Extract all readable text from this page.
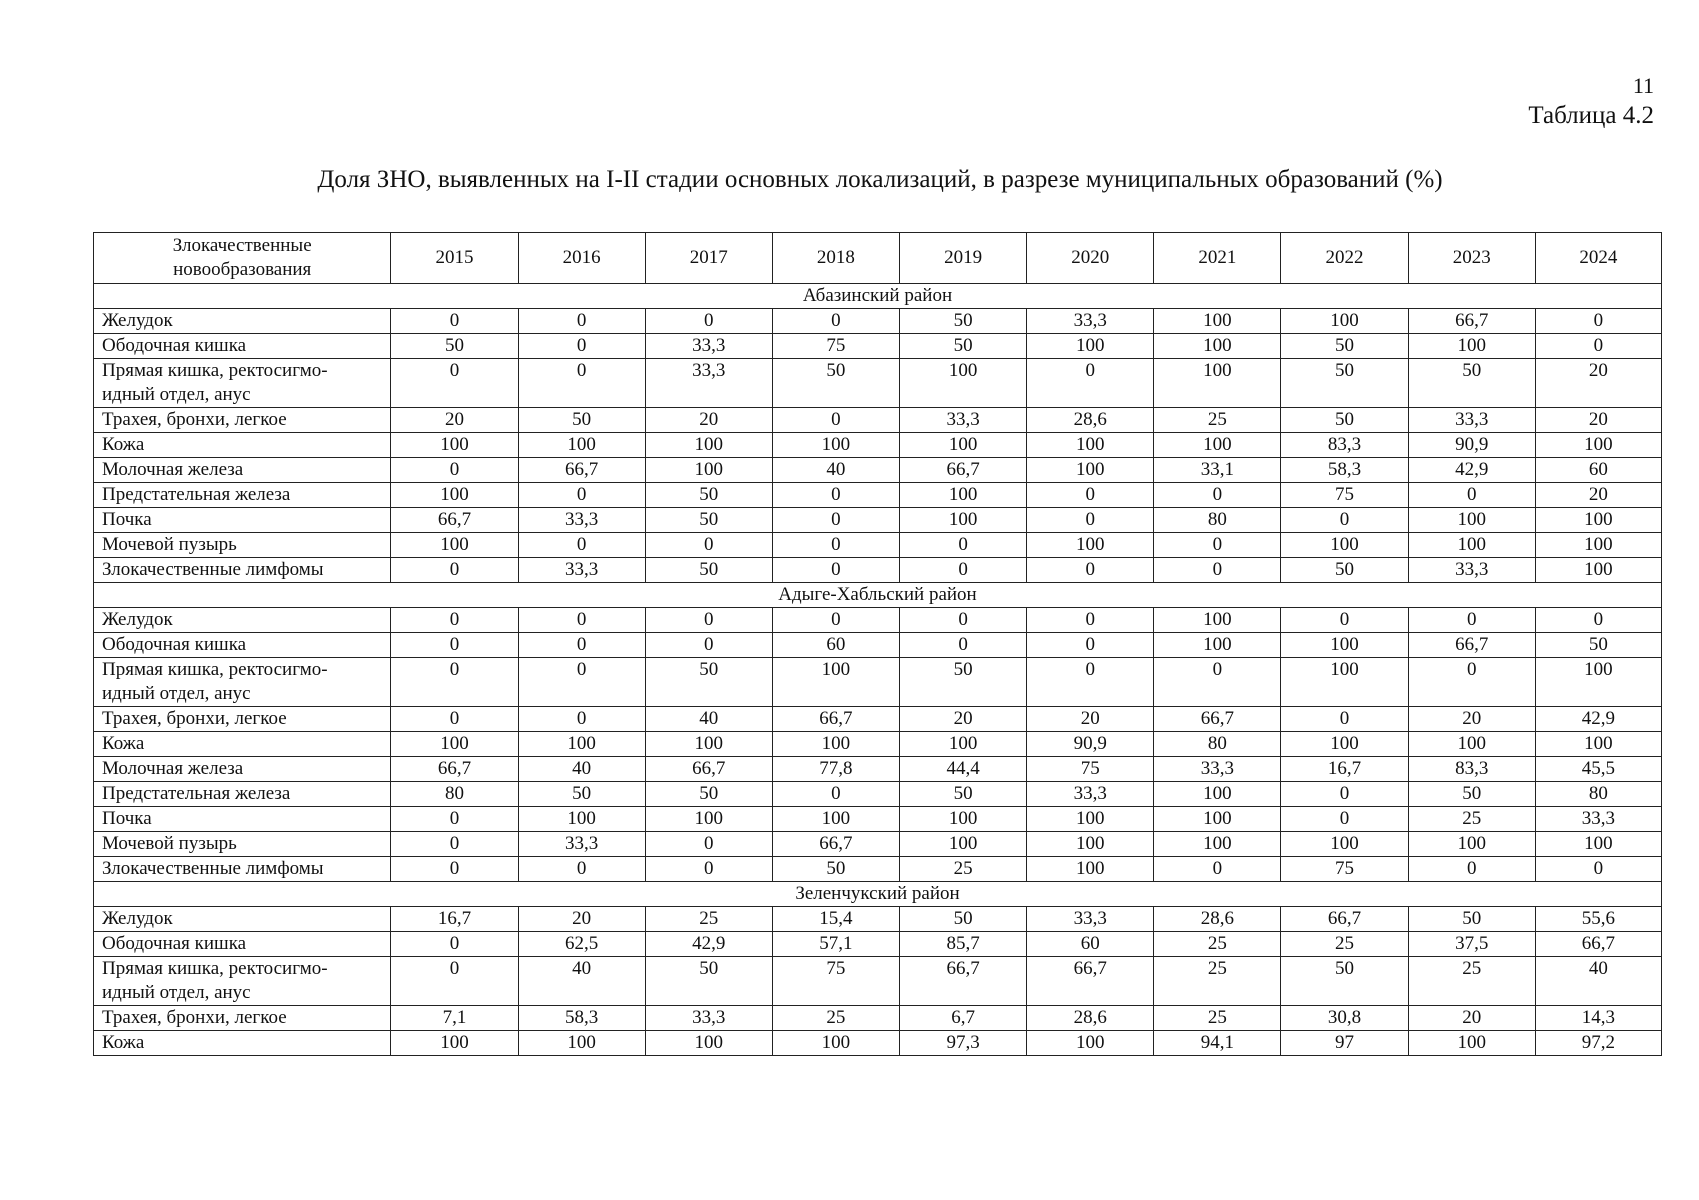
11
Таблица 4.2
Доля ЗНО, выявленных на I-II стадии основных локализаций, в разрезе муниципальных образований (%)
Злокачественные
новообразования	2015	2016	2017	2018	2019	2020	2021	2022	2023	2024
Абазинский район										
Желудок	0	0	0	0	50	33,3	100	100	66,7	0
Ободочная кишка	50	0	33,3	75	50	100	100	50	100	0
Прямая кишка, ректосигмо-
идный отдел, анус	0	0	33,3	50	100	0	100	50	50	20
Трахея, бронхи, легкое	20	50	20	0	33,3	28,6	25	50	33,3	20
Кожа	100	100	100	100	100	100	100	83,3	90,9	100
Молочная железа	0	66,7	100	40	66,7	100	33,1	58,3	42,9	60
Предстательная железа	100	0	50	0	100	0	0	75	0	20
Почка	66,7	33,3	50	0	100	0	80	0	100	100
Мочевой пузырь	100	0	0	0	0	100	0	100	100	100
Злокачественные лимфомы	0	33,3	50	0	0	0	0	50	33,3	100
Адыге-Хабльский район										
Желудок	0	0	0	0	0	0	100	0	0	0
Ободочная кишка	0	0	0	60	0	0	100	100	66,7	50
Прямая кишка, ректосигмо-
идный отдел, анус	0	0	50	100	50	0	0	100	0	100
Трахея, бронхи, легкое	0	0	40	66,7	20	20	66,7	0	20	42,9
Кожа	100	100	100	100	100	90,9	80	100	100	100
Молочная железа	66,7	40	66,7	77,8	44,4	75	33,3	16,7	83,3	45,5
Предстательная железа	80	50	50	0	50	33,3	100	0	50	80
Почка	0	100	100	100	100	100	100	0	25	33,3
Мочевой пузырь	0	33,3	0	66,7	100	100	100	100	100	100
Злокачественные лимфомы	0	0	0	50	25	100	0	75	0	0
Зеленчукский район										
Желудок	16,7	20	25	15,4	50	33,3	28,6	66,7	50	55,6
Ободочная кишка	0	62,5	42,9	57,1	85,7	60	25	25	37,5	66,7
Прямая кишка, ректосигмо-
идный отдел, анус	0	40	50	75	66,7	66,7	25	50	25	40
Трахея, бронхи, легкое	7,1	58,3	33,3	25	6,7	28,6	25	30,8	20	14,3
Кожа	100	100	100	100	97,3	100	94,1	97	100	97,2
